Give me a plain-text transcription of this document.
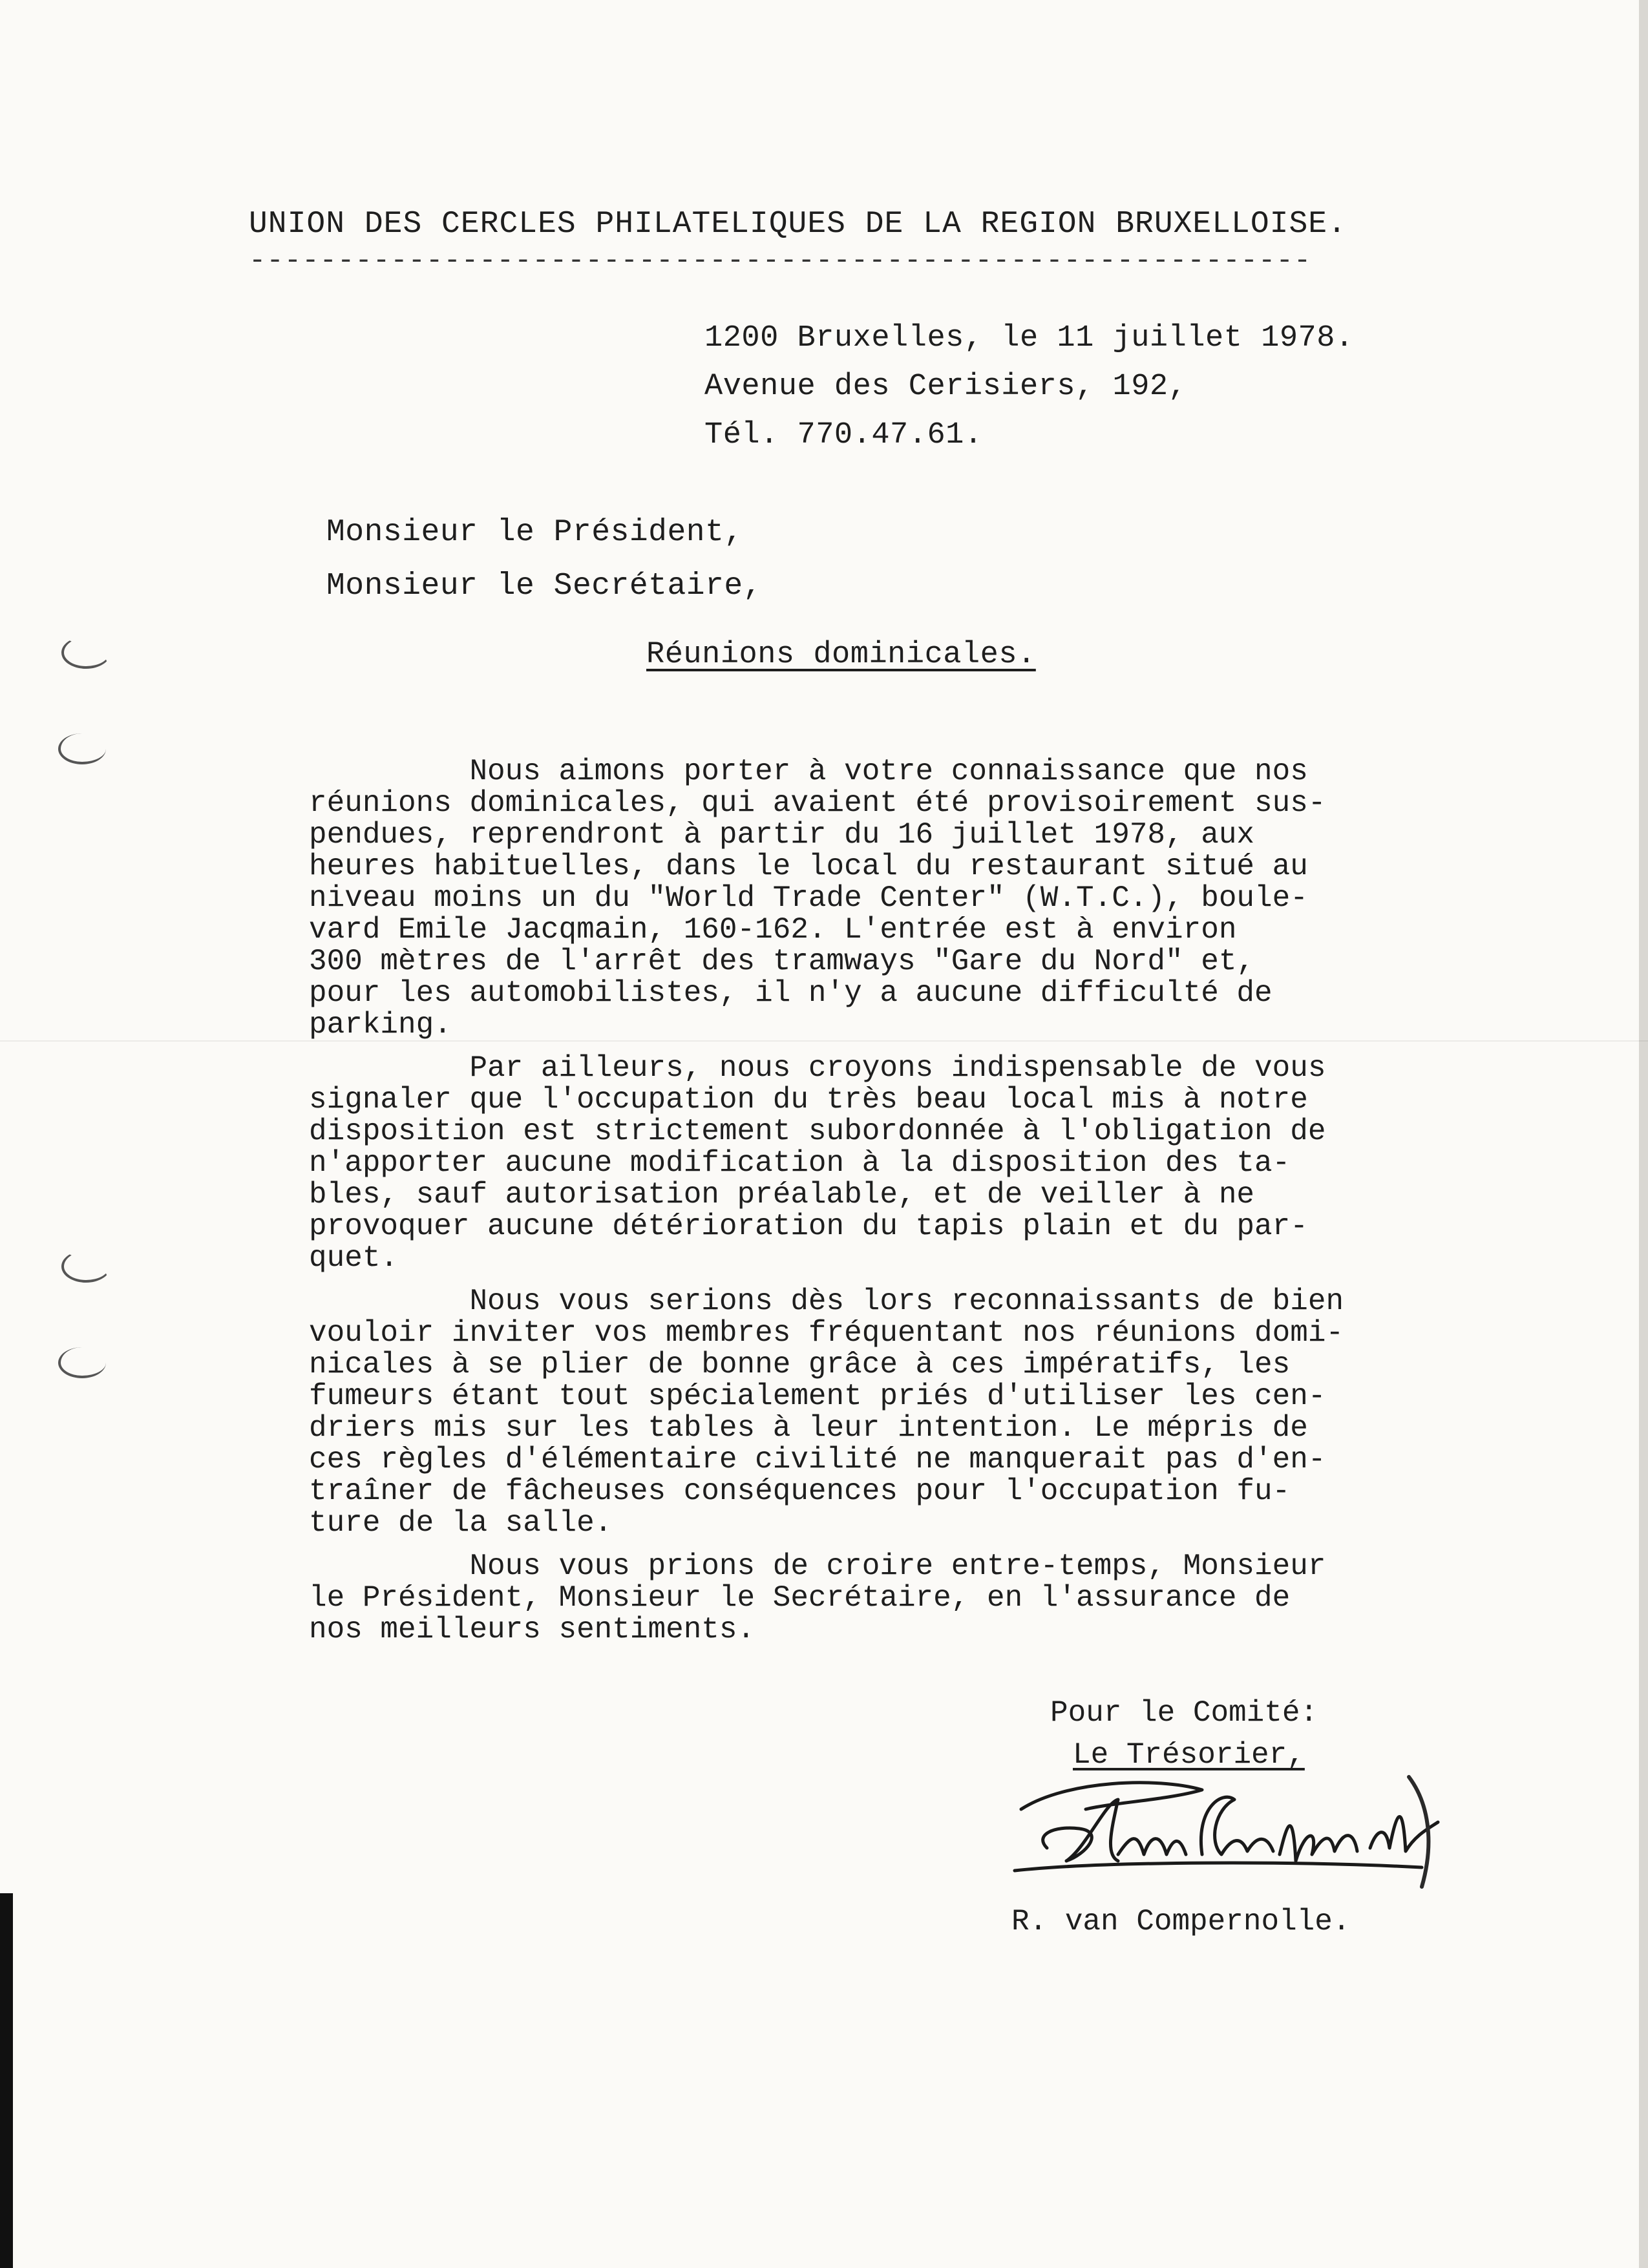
UNION DES CERCLES PHILATELIQUES DE LA REGION BRUXELLOISE.
------------------------------------------------------------
1200 Bruxelles, le 11 juillet 1978.
Avenue des Cerisiers, 192,
Tél. 770.47.61.
Monsieur le Président,
Monsieur le Secrétaire,
Réunions dominicales.
Nous aimons porter à votre connaissance que nos
réunions dominicales, qui avaient été provisoirement sus-
pendues, reprendront à partir du 16 juillet 1978, aux
heures habituelles, dans le local du restaurant situé au
niveau moins un du "World Trade Center" (W.T.C.), boule-
vard Emile Jacqmain, 160-162. L'entrée est à environ
300 mètres de l'arrêt des tramways "Gare du Nord" et,
pour les automobilistes, il n'y a aucune difficulté de
parking.
Par ailleurs, nous croyons indispensable de vous
signaler que l'occupation du très beau local mis à notre
disposition est strictement subordonnée à l'obligation de
n'apporter aucune modification à la disposition des ta-
bles, sauf autorisation préalable, et de veiller à ne
provoquer aucune détérioration du tapis plain et du par-
quet.
Nous vous serions dès lors reconnaissants de bien
vouloir inviter vos membres fréquentant nos réunions domi-
nicales à se plier de bonne grâce à ces impératifs, les
fumeurs étant tout spécialement priés d'utiliser les cen-
driers mis sur les tables à leur intention. Le mépris de
ces règles d'élémentaire civilité ne manquerait pas d'en-
traîner de fâcheuses conséquences pour l'occupation fu-
ture de la salle.
Nous vous prions de croire entre-temps, Monsieur
le Président, Monsieur le Secrétaire, en l'assurance de
nos meilleurs sentiments.
Pour le Comité:
Le Trésorier,
R. van Compernolle.
